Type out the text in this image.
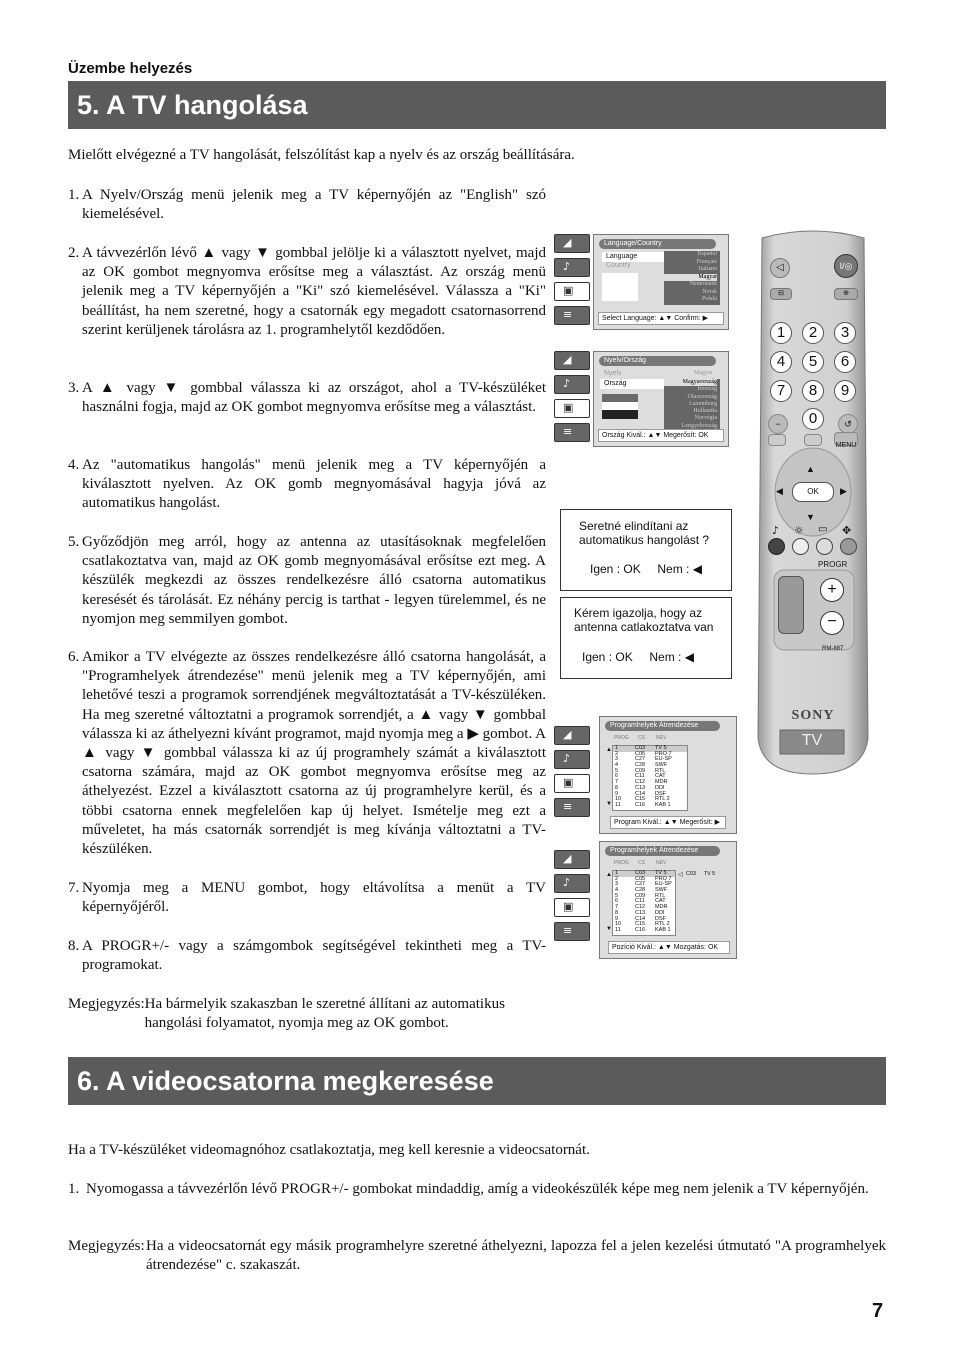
Üzembe helyezés
5. A TV hangolása
Mielőtt elvégezné a TV hangolását, felszólítást kap a nyelv és az ország beállítására.
1. A Nyelv/Ország menü jelenik meg a TV képernyőjén az "English" szó kiemelésével.
2. A távvezérlőn lévő ▲ vagy ▼ gombbal jelölje ki a választott nyelvet, majd az OK gombot megnyomva erősítse meg a választást. Az ország menü jelenik meg a TV képernyőjén a "Ki" szó kiemelésével. Válassza a "Ki" beállítást, ha nem szeretné, hogy a csatornák egy megadott csatornasorrend szerint kerüljenek tárolásra az 1. programhelytől kezdődően.
3. A ▲ vagy ▼ gombbal válassza ki az országot, ahol a TV-készüléket használni fogja, majd az OK gombot megnyomva erősítse meg a választást.
4. Az "automatikus hangolás" menü jelenik meg a TV képernyőjén a kiválasztott nyelven. Az OK gomb megnyomásával hagyja jóvá az automatikus hangolást.
5. Győződjön meg arról, hogy az antenna az utasításoknak megfelelően csatlakoztatva van, majd az OK gomb megnyomásával erősítse ezt meg. A készülék megkezdi az összes rendelkezésre álló csatorna automatikus keresését és tárolását. Ez néhány percig is tarthat - legyen türelemmel, és ne nyomjon meg semmilyen gombot.
6. Amikor a TV elvégezte az összes rendelkezésre álló csatorna hangolását, a "Programhelyek átrendezése" menü jelenik meg a TV képernyőjén, ami lehetővé teszi a programok sorrendjének megváltoztatását a TV-készüléken. Ha meg szeretné változtatni a programok sorrendjét, a ▲ vagy ▼ gombbal válassza ki az áthelyezni kívánt programot, majd nyomja meg a ▶ gombot. A ▲ vagy ▼ gombbal válassza ki az új programhely számát a kiválasztott csatorna számára, majd az OK gombot megnyomva erősítse meg az áthelyezést. Ezzel a kiválasztott csatorna az új programhelyre kerül, és a többi csatorna ennek megfelelően kap új helyet. Ismételje meg ezt a műveletet, ha más csatornák sorrendjét is meg kívánja változtatni a TV-készüléken.
7. Nyomja meg a MENU gombot, hogy eltávolítsa a menüt a TV képernyőjéről.
8. A PROGR+/- vagy a számgombok segítségével tekintheti meg a TV-programokat.
Megjegyzés:Ha bármelyik szakaszban le szeretné állítani az automatikus hangolási folyamatot, nyomja meg az OK gombot.
◢
♪
▣
≡
Language/Country
Language
Country
Español
Français
Italiano
Magyar
Nederlands
Norsk
Polski
Select Language: ▲▼ Confirm: ▶
◢
♪
▣
≡
Nyelv/Ország
Nyelv	Magyar
Ország	Magyarország
Írország
Olaszország
Luxemburg
Hollandia
Norvégia
Lengyelország
Ország Kivál.: ▲▼ Megerősít: OK
Seretné elindítani az
automatikus hangolást ?
Igen : OK     Nem : ◀
Kérem igazolja, hogy az
antenna catlakoztatva van
Igen : OK     Nem : ◀
◢
♪
▣
≡
Programhelyek Átrendezése
PROG CS NÉV
1	C03 TV 5
2	C05 PRO 7
3	C27 EU-SP
4	C28 SWF
5	C09 RTL
6	C11 CAT
7	C12 MDR
8	C13 DDI
9	C14 DSF
10	C15 RTL 2
11	C16 KAB 1
▲
▼
Program Kivál.: ▲▼ Megerősít: ▶
◢
♪
▣
≡
Programhelyek Átrendezése
PROG CS NÉV
1	C03 TV 5
2	C05 PRO 7
3	C27 EU-SP
4	C28 SWF
5	C09 RTL
6	C11 CAT
7	C12 MDR
8	C13 DDI
9	C14 DSF
10	C15 RTL 2
11	C16 KAB 1
▲
▼
◁ C03     TV 5
Pozíció Kivál.: ▲▼ Mozgatás: OK
◁	I/◎
⊟	⊕
1	2	3
4	5	6
7	8	9
0
−	↺
MENU
OK
▲
▼
◀	▶
♪ ☼ ▭ ✥
PROGR
+
−
RM-887
SONY
TV
6. A videocsatorna megkeresése
Ha a TV-készüléket videomagnóhoz csatlakoztatja, meg kell keresnie a videocsatornát.
1. Nyomogassa a távvezérlőn lévő PROGR+/- gombokat mindaddig, amíg a videokészülék képe meg nem jelenik a TV képernyőjén.
Megjegyzés: Ha a videocsatornát egy másik programhelyre szeretné áthelyezni, lapozza fel a jelen kezelési útmutató "A programhelyek átrendezése" c. szakaszát.
7
